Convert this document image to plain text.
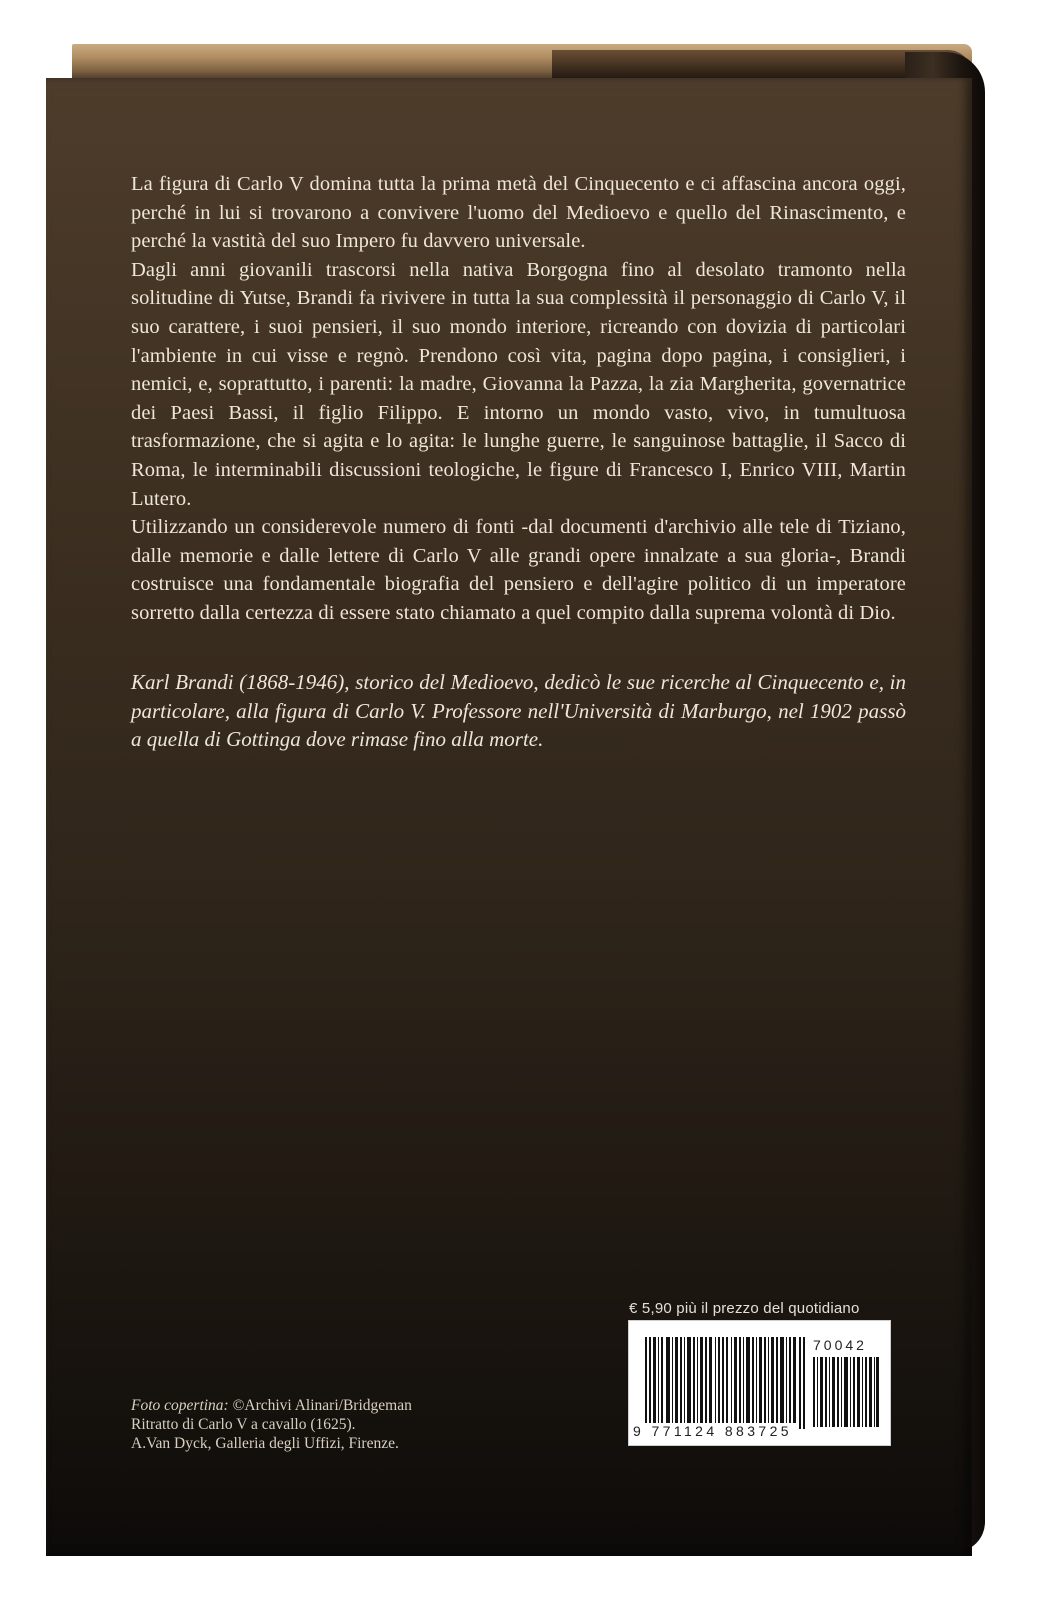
La figura di Carlo V domina tutta la prima metà del Cinquecento e ci affascina ancora oggi, perché in lui si trovarono a convivere l'uomo del Medioevo e quello del Rinascimento, e perché la vastità del suo Impero fu davvero universale.

Dagli anni giovanili trascorsi nella nativa Borgogna fino al desolato tramonto nella solitudine di Yutse, Brandi fa rivivere in tutta la sua complessità il personaggio di Carlo V, il suo carattere, i suoi pensieri, il suo mondo interiore, ricreando con dovizia di particolari l'ambiente in cui visse e regnò. Prendono così vita, pagina dopo pagina, i consiglieri, i nemici, e, soprattutto, i parenti: la madre, Giovanna la Pazza, la zia Margherita, governatrice dei Paesi Bassi, il figlio Filippo. E intorno un mondo vasto, vivo, in tumultuosa trasformazione, che si agita e lo agita: le lunghe guerre, le sanguinose battaglie, il Sacco di Roma, le interminabili discussioni teologiche, le figure di Francesco I, Enrico VIII, Martin Lutero.

Utilizzando un considerevole numero di fonti -dal documenti d'archivio alle tele di Tiziano, dalle memorie e dalle lettere di Carlo V alle grandi opere innalzate a sua gloria-, Brandi costruisce una fondamentale biografia del pensiero e dell'agire politico di un imperatore sorretto dalla certezza di essere stato chiamato a quel compito dalla suprema volontà di Dio.

Karl Brandi (1868-1946), storico del Medioevo, dedicò le sue ricerche al Cinquecento e, in particolare, alla figura di Carlo V. Professore nell'Università di Marburgo, nel 1902 passò a quella di Gottinga dove rimase fino alla morte.
Foto copertina: ©Archivi Alinari/Bridgeman
Ritratto di Carlo V a cavallo (1625).
A.Van Dyck, Galleria degli Uffizi, Firenze.
€ 5,90 più il prezzo del quotidiano
70042
9 771124 883725
